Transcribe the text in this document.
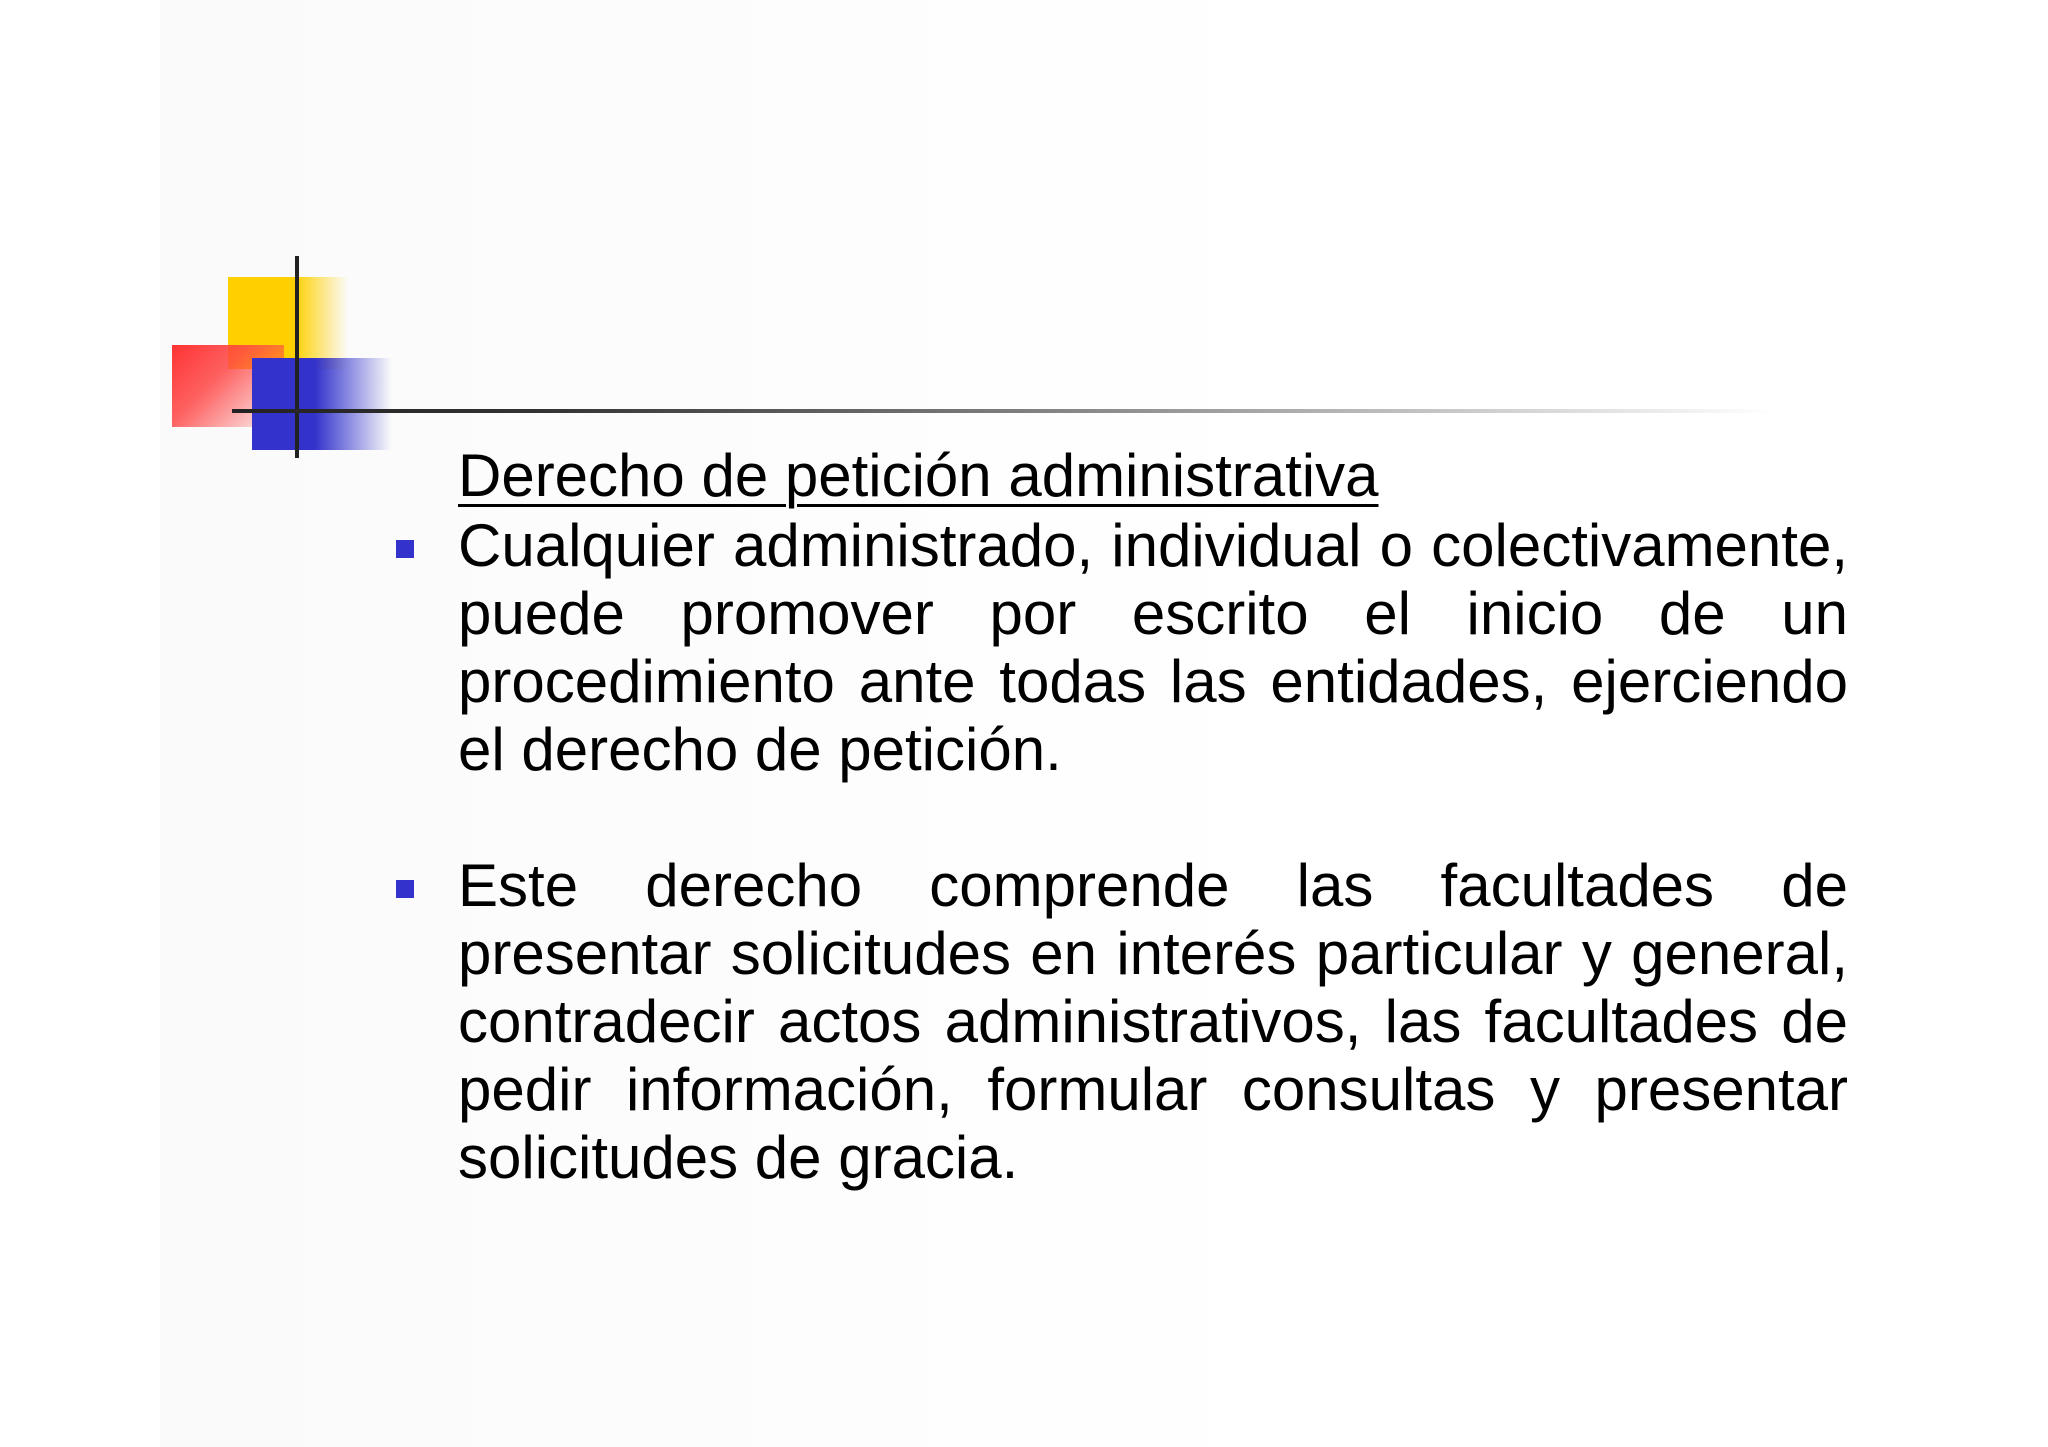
Derecho de petición administrativa

Cualquier administrado, individual o colectivamente, puede promover por escrito el inicio de un procedimiento ante todas las entidades, ejerciendo el derecho de petición.
Este derecho comprende las facultades de presentar solicitudes en interés particular y general, contradecir actos administrativos, las facultades de pedir información, formular consultas y presentar solicitudes de gracia.
